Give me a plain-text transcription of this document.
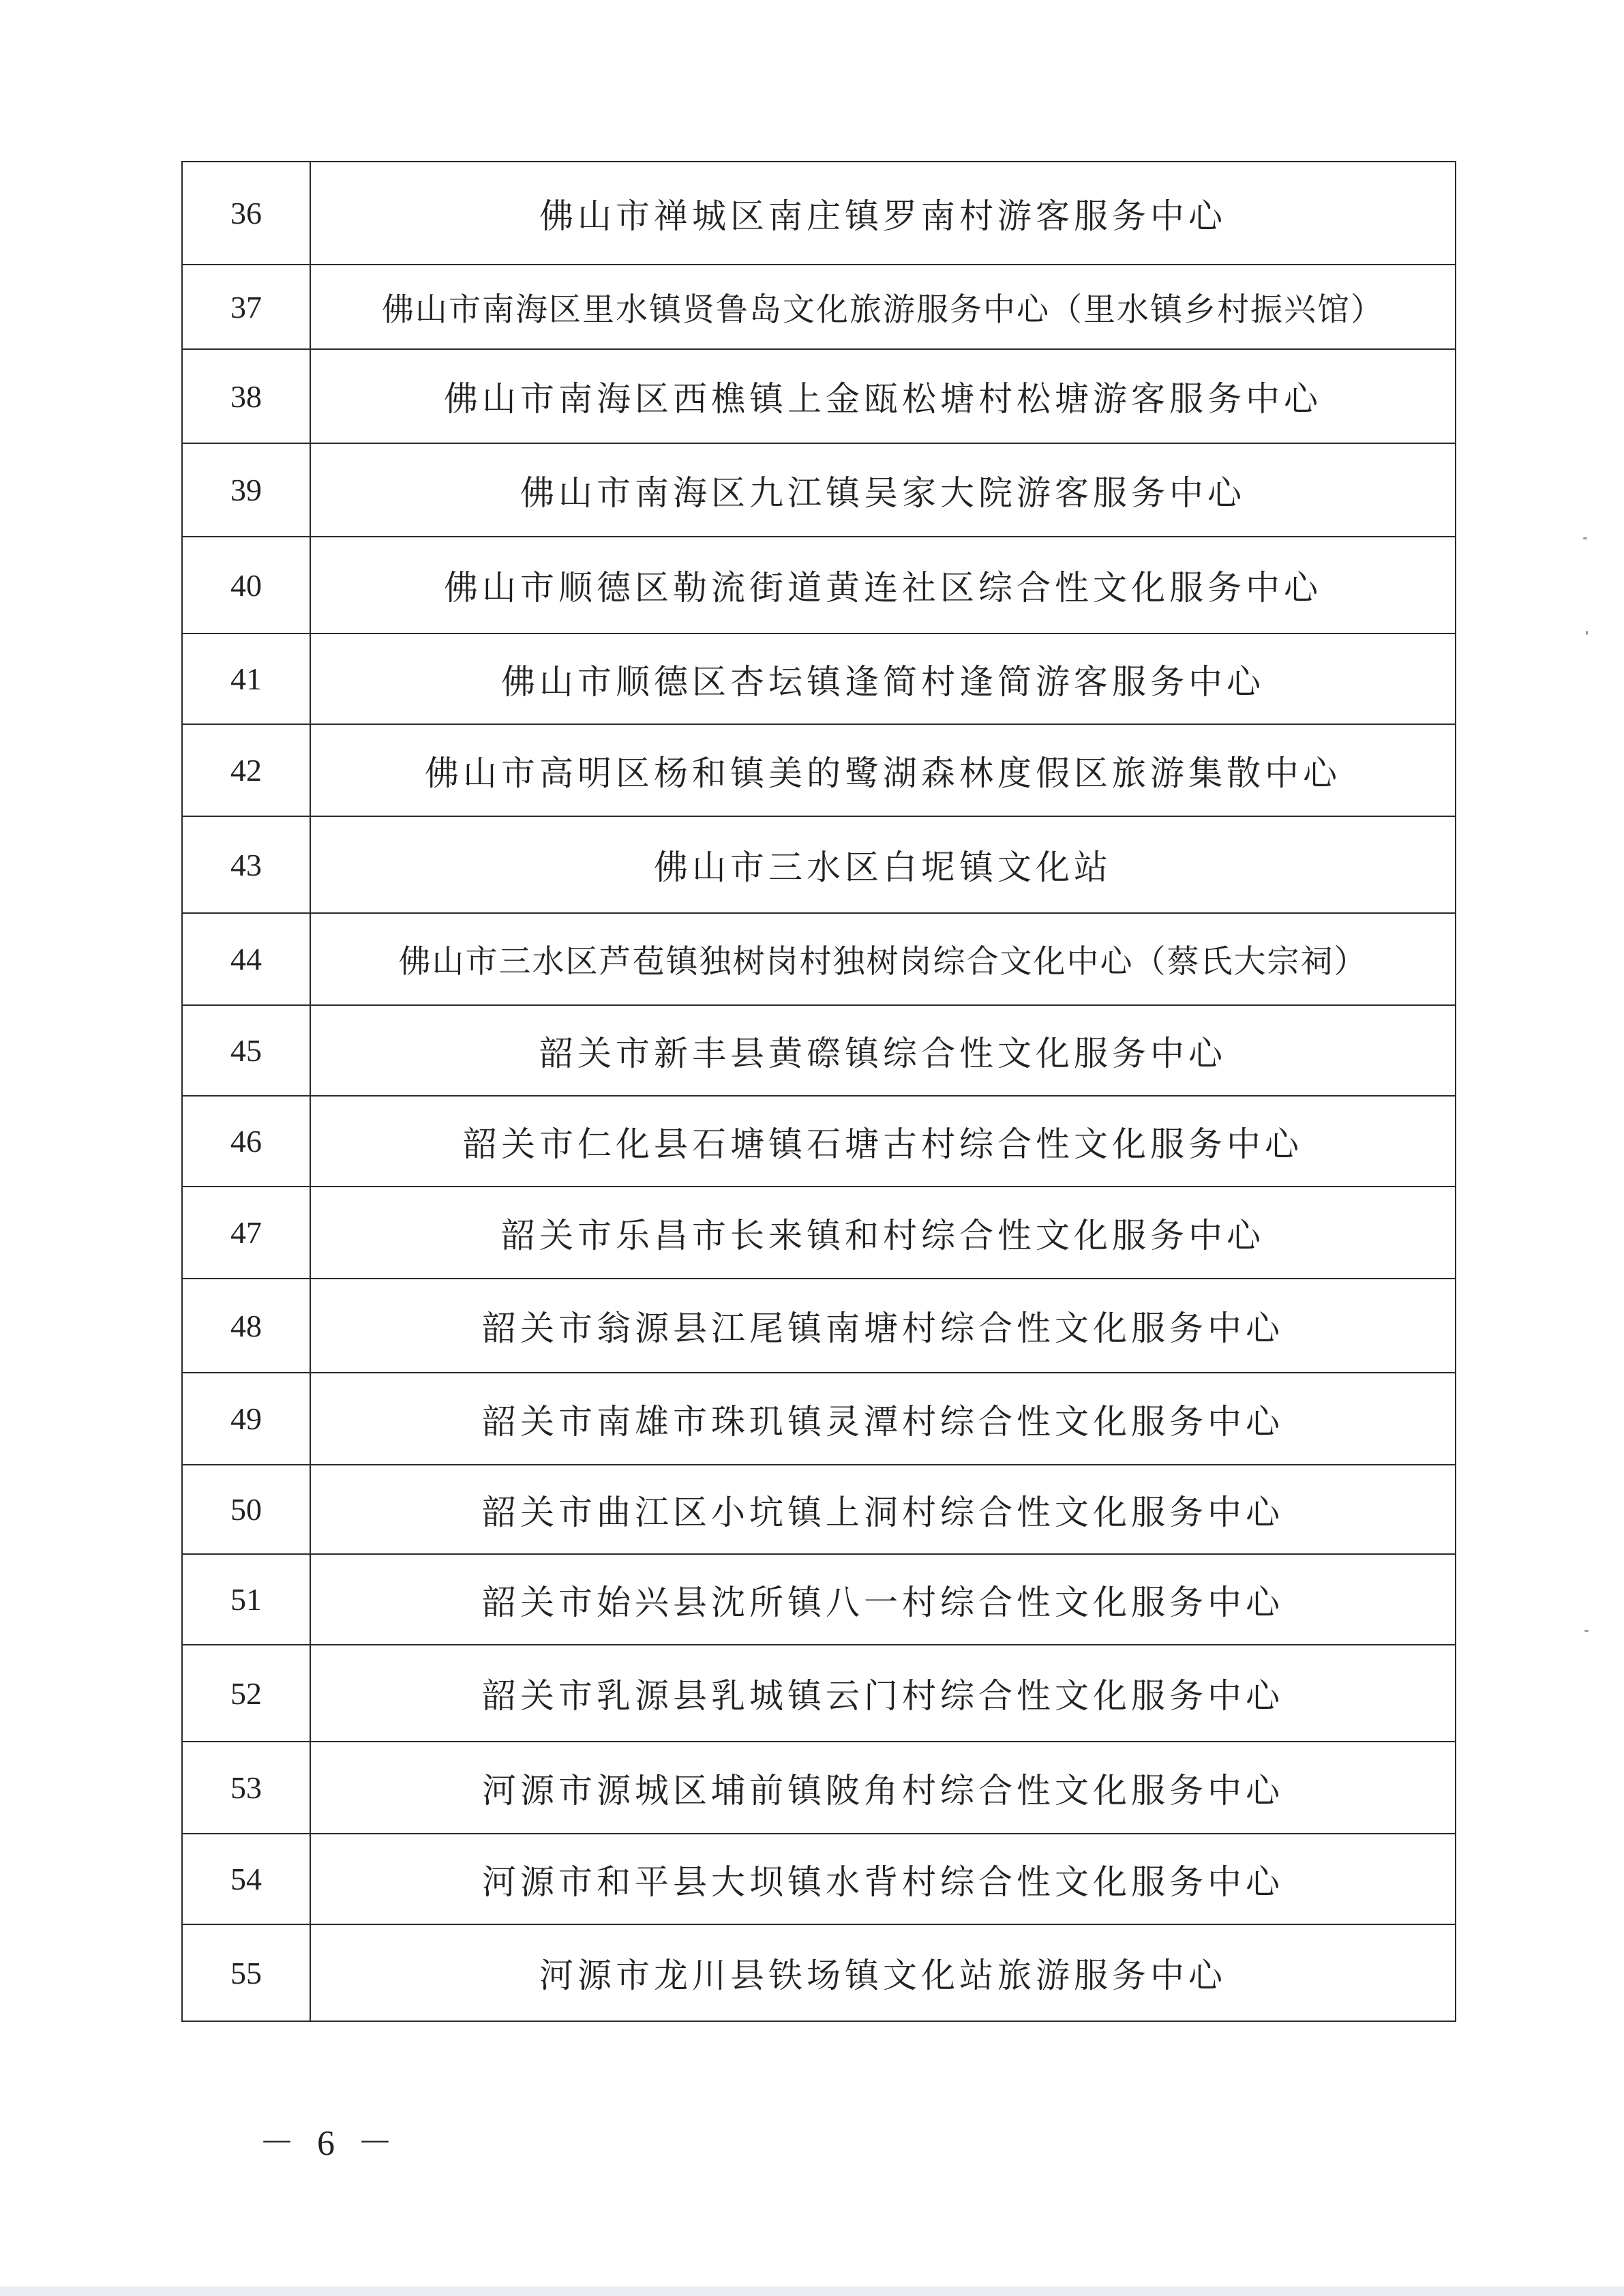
36	佛山市禅城区南庄镇罗南村游客服务中心
37	佛山市南海区里水镇贤鲁岛文化旅游服务中心（里水镇乡村振兴馆）
38	佛山市南海区西樵镇上金瓯松塘村松塘游客服务中心
39	佛山市南海区九江镇吴家大院游客服务中心
40	佛山市顺德区勒流街道黄连社区综合性文化服务中心
41	佛山市顺德区杏坛镇逢简村逢简游客服务中心
42	佛山市高明区杨和镇美的鹭湖森林度假区旅游集散中心
43	佛山市三水区白坭镇文化站
44	佛山市三水区芦苞镇独树岗村独树岗综合文化中心（蔡氏大宗祠）
45	韶关市新丰县黄磜镇综合性文化服务中心
46	韶关市仁化县石塘镇石塘古村综合性文化服务中心
47	韶关市乐昌市长来镇和村综合性文化服务中心
48	韶关市翁源县江尾镇南塘村综合性文化服务中心
49	韶关市南雄市珠玑镇灵潭村综合性文化服务中心
50	韶关市曲江区小坑镇上洞村综合性文化服务中心
51	韶关市始兴县沈所镇八一村综合性文化服务中心
52	韶关市乳源县乳城镇云门村综合性文化服务中心
53	河源市源城区埔前镇陂角村综合性文化服务中心
54	河源市和平县大坝镇水背村综合性文化服务中心
55	河源市龙川县铁场镇文化站旅游服务中心
－ 6 －
